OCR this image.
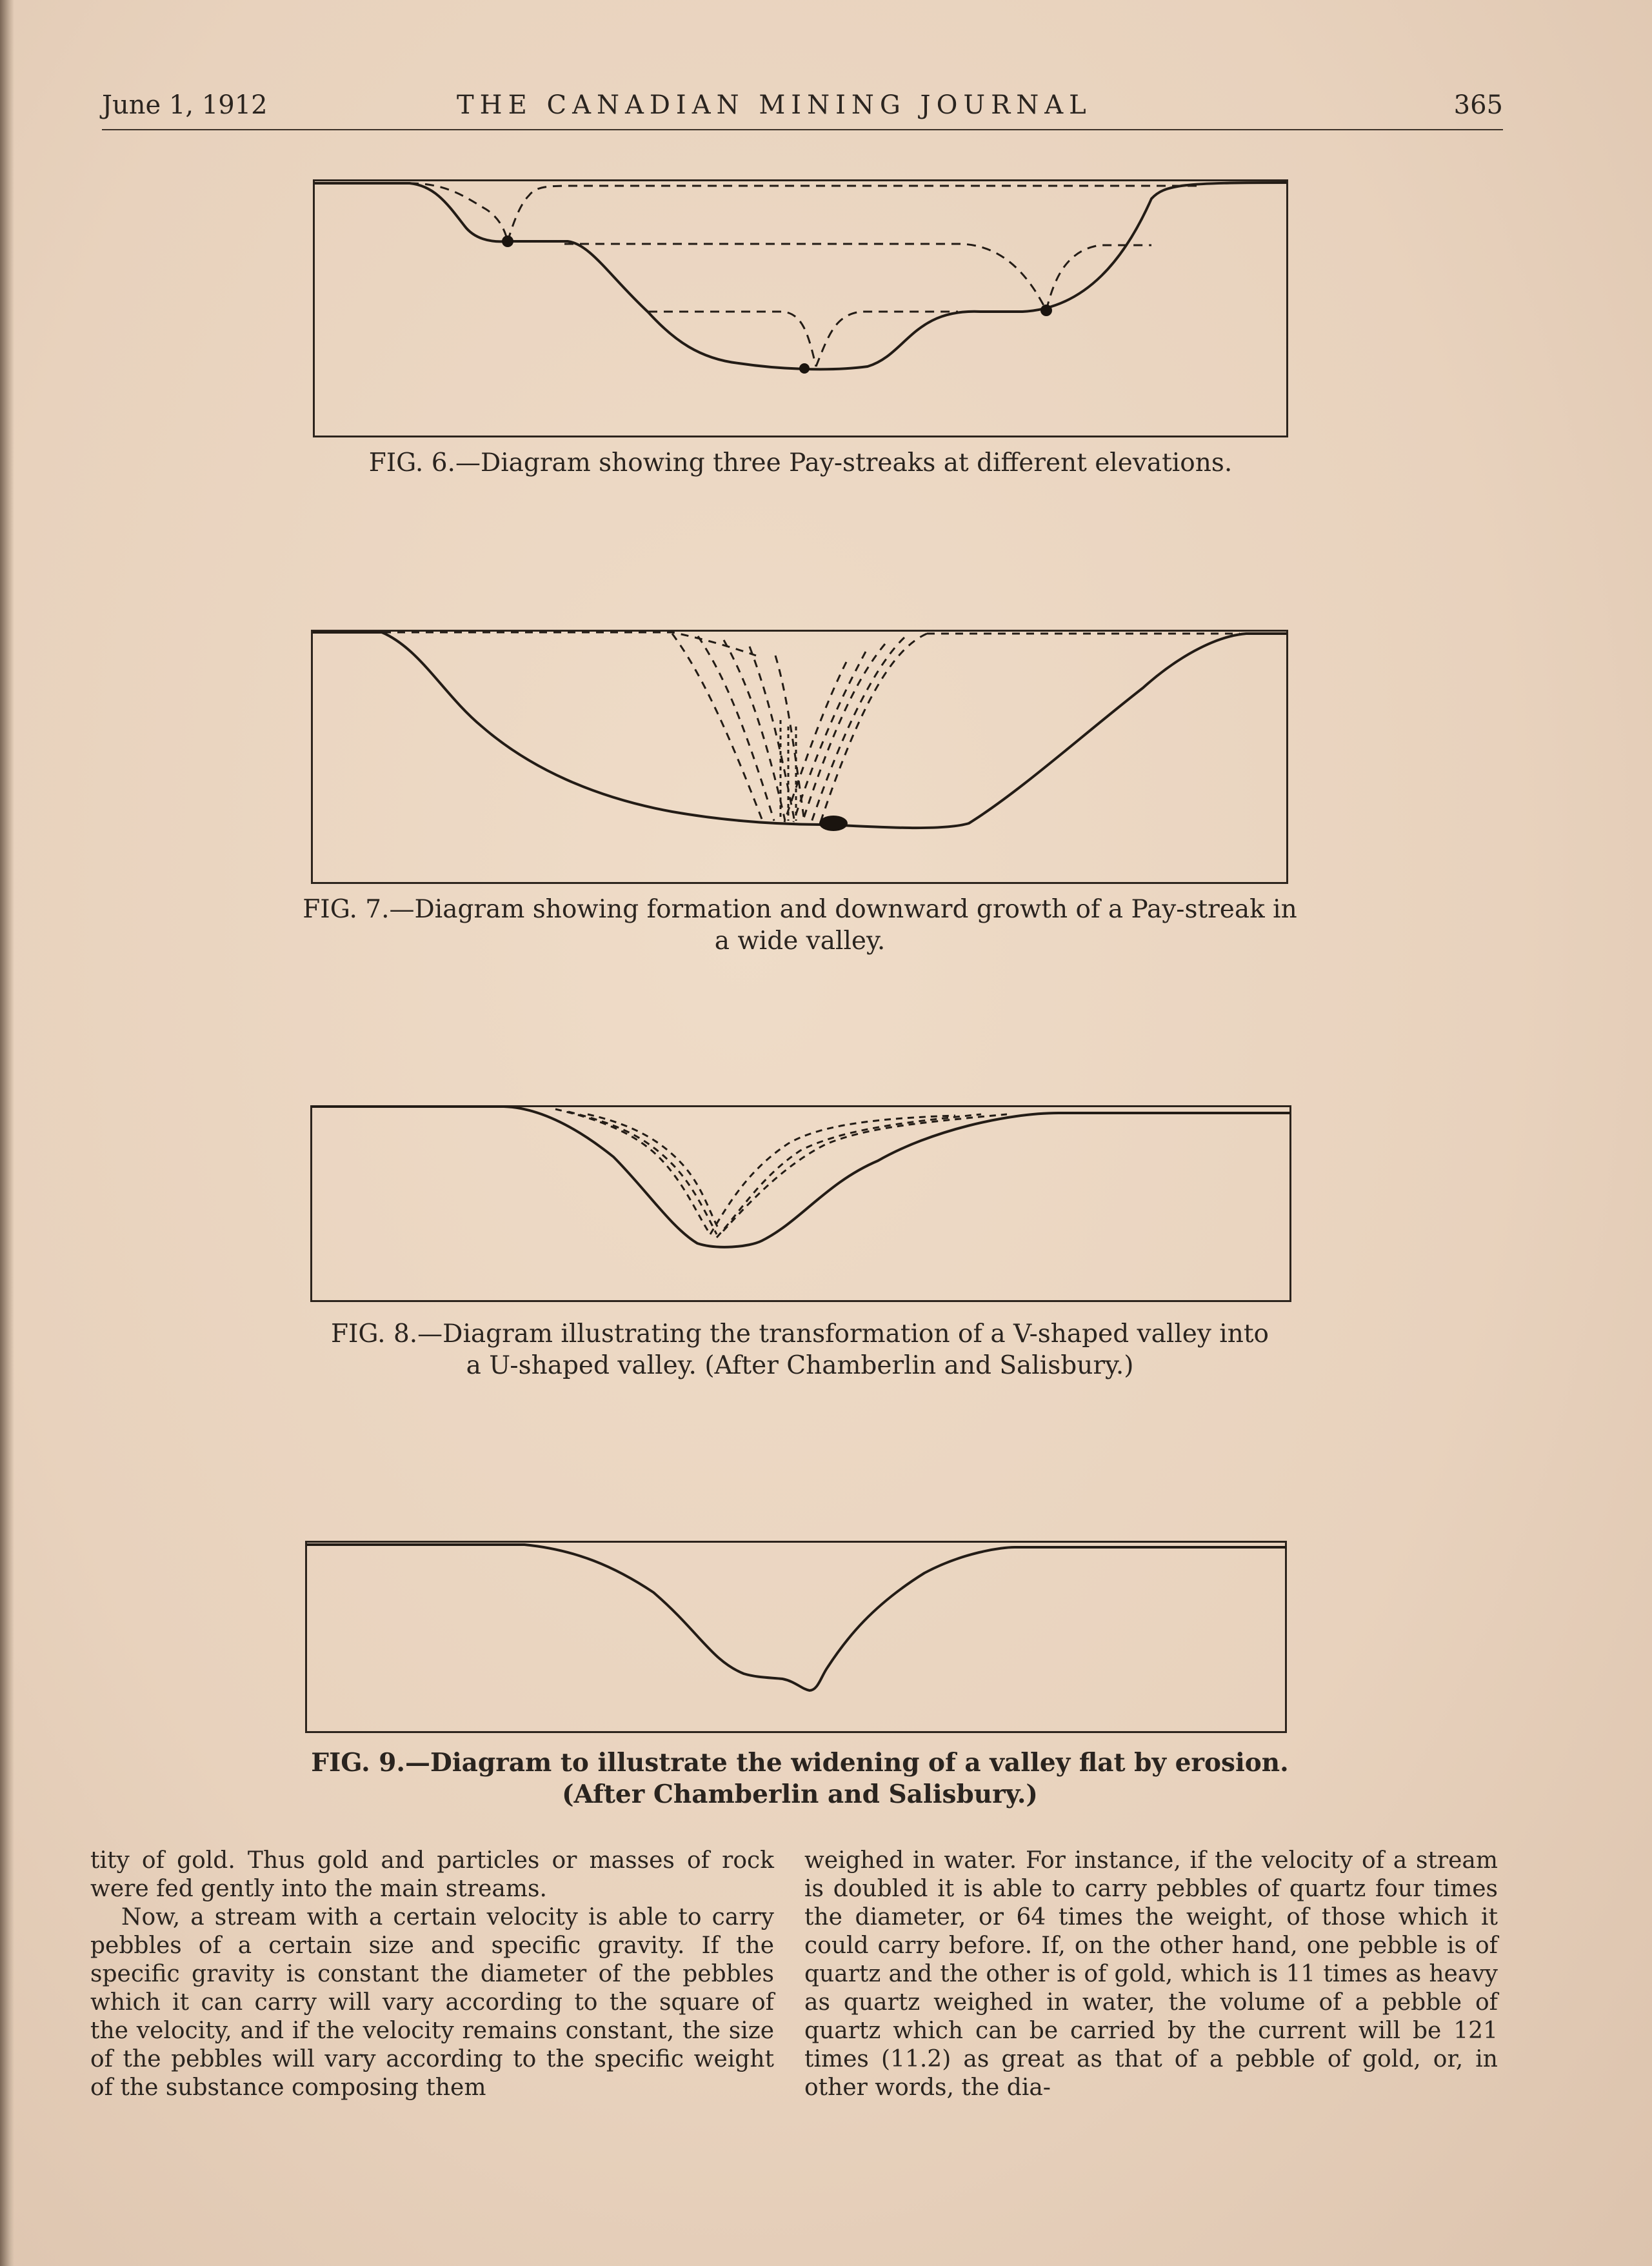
June 1, 1912	THE CANADIAN MINING JOURNAL	365
FIG. 6.—Diagram showing three Pay-streaks at different elevations.
FIG. 7.—Diagram showing formation and downward growth of a Pay-streak in
a wide valley.
FIG. 8.—Diagram illustrating the transformation of a V-shaped valley into
a U-shaped valley. (After Chamberlin and Salisbury.)
FIG. 9.—Diagram to illustrate the widening of a valley flat by erosion.
(After Chamberlin and Salisbury.)

tity of gold. Thus gold and particles or masses of rock were fed gently into the main streams.

Now, a stream with a certain velocity is able to carry pebbles of a certain size and specific gravity. If the specific gravity is constant the diameter of the pebbles which it can carry will vary according to the square of the velocity, and if the velocity remains constant, the size of the pebbles will vary according to the specific weight of the substance composing them

weighed in water. For instance, if the velocity of a stream is doubled it is able to carry pebbles of quartz four times the diameter, or 64 times the weight, of those which it could carry before. If, on the other hand, one pebble is of quartz and the other is of gold, which is 11 times as heavy as quartz weighed in water, the volume of a pebble of quartz which can be carried by the current will be 121 times (11.2) as great as that of a pebble of gold, or, in other words, the dia-
